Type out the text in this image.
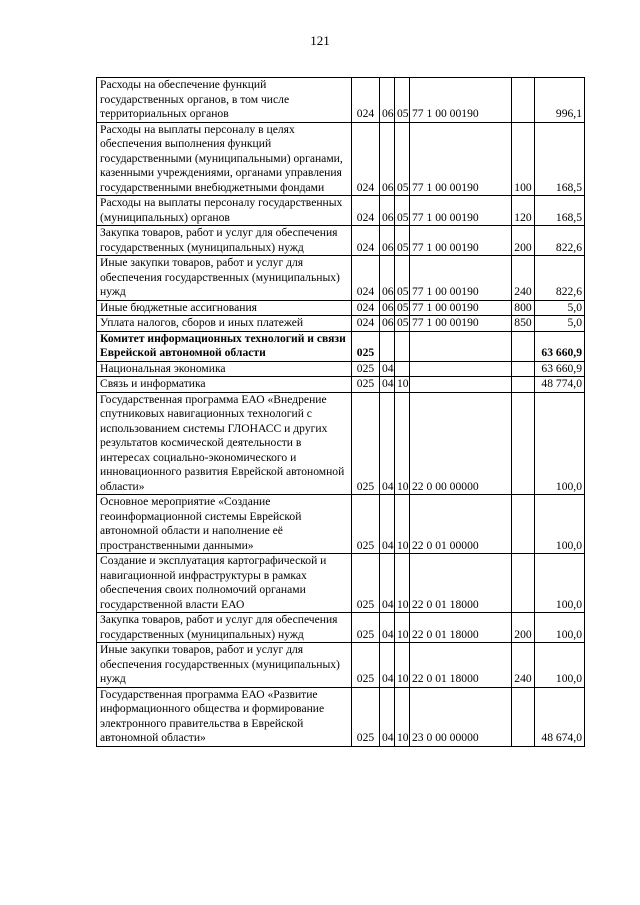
121
Расходы на обеспечение функций государственных органов, в том числе территориальных органов	024	06	05	77 1 00 00190		996,1
Расходы на выплаты персоналу в целях обеспечения выполнения функций государственными (муниципальными) органами, казенными учреждениями, органами управления государственными внебюджетными фондами	024	06	05	77 1 00 00190	100	168,5
Расходы на выплаты персоналу государственных (муниципальных) органов	024	06	05	77 1 00 00190	120	168,5
Закупка товаров, работ и услуг для обеспечения государственных (муниципальных) нужд	024	06	05	77 1 00 00190	200	822,6
Иные закупки товаров, работ и услуг для обеспечения государственных (муниципальных) нужд	024	06	05	77 1 00 00190	240	822,6
Иные бюджетные ассигнования	024	06	05	77 1 00 00190	800	5,0
Уплата налогов, сборов и иных платежей	024	06	05	77 1 00 00190	850	5,0
Комитет информационных технологий и связи Еврейской автономной области	025					63 660,9
Национальная экономика	025	04				63 660,9
Связь и информатика	025	04	10			48 774,0
Государственная программа ЕАО «Внедрение спутниковых навигационных технологий с использованием системы ГЛОНАСС и других результатов космической деятельности в интересах социально-экономического и инновационного развития Еврейской автономной области»	025	04	10	22 0 00 00000		100,0
Основное мероприятие «Создание геоинформационной системы Еврейской автономной области и наполнение её пространственными данными»	025	04	10	22 0 01 00000		100,0
Создание и эксплуатация картографической и навигационной инфраструктуры в рамках обеспечения своих полномочий органами государственной власти ЕАО	025	04	10	22 0 01 18000		100,0
Закупка товаров, работ и услуг для обеспечения государственных (муниципальных) нужд	025	04	10	22 0 01 18000	200	100,0
Иные закупки товаров, работ и услуг для обеспечения государственных (муниципальных) нужд	025	04	10	22 0 01 18000	240	100,0
Государственная программа ЕАО «Развитие информационного общества и формирование электронного правительства в Еврейской автономной области»	025	04	10	23 0 00 00000		48 674,0
